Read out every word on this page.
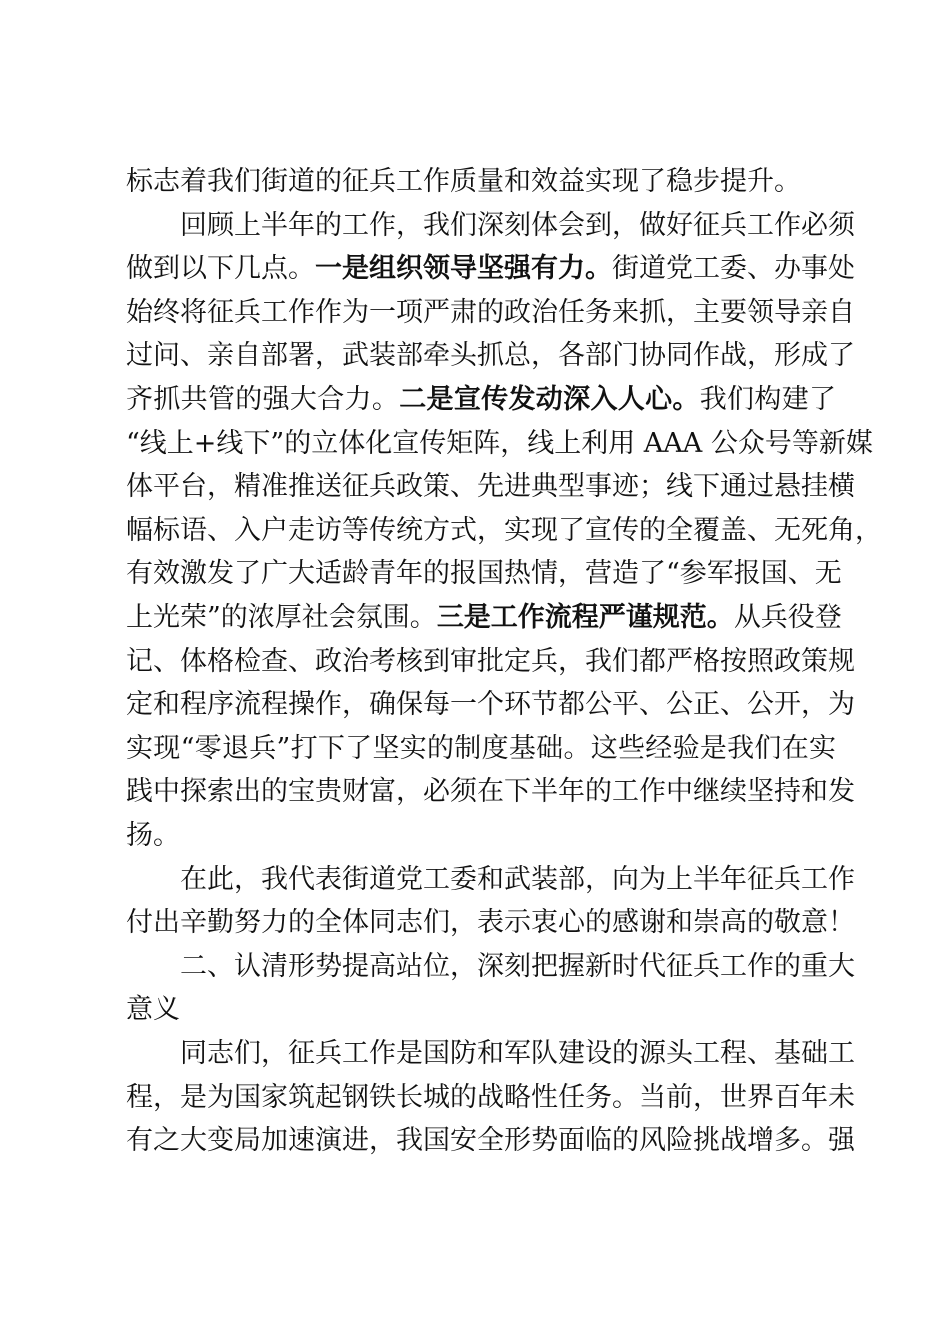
标志着我们街道的征兵工作质量和效益实现了稳步提升。
回顾上半年的工作，我们深刻体会到，做好征兵工作必须
做到以下几点。一是组织领导坚强有力。街道党工委、办事处
始终将征兵工作作为一项严肃的政治任务来抓，主要领导亲自
过问、亲自部署，武装部牵头抓总，各部门协同作战，形成了
齐抓共管的强大合力。二是宣传发动深入人心。我们构建了
“线上+线下”的立体化宣传矩阵，线上利用 AAA 公众号等新媒
体平台，精准推送征兵政策、先进典型事迹；线下通过悬挂横
幅标语、入户走访等传统方式，实现了宣传的全覆盖、无死角，
有效激发了广大适龄青年的报国热情，营造了“参军报国、无
上光荣”的浓厚社会氛围。三是工作流程严谨规范。从兵役登
记、体格检查、政治考核到审批定兵，我们都严格按照政策规
定和程序流程操作，确保每一个环节都公平、公正、公开，为
实现“零退兵”打下了坚实的制度基础。这些经验是我们在实
践中探索出的宝贵财富，必须在下半年的工作中继续坚持和发
扬。
在此，我代表街道党工委和武装部，向为上半年征兵工作
付出辛勤努力的全体同志们，表示衷心的感谢和崇高的敬意！
二、认清形势提高站位，深刻把握新时代征兵工作的重大
意义
同志们，征兵工作是国防和军队建设的源头工程、基础工
程，是为国家筑起钢铁长城的战略性任务。当前，世界百年未
有之大变局加速演进，我国安全形势面临的风险挑战增多。强
